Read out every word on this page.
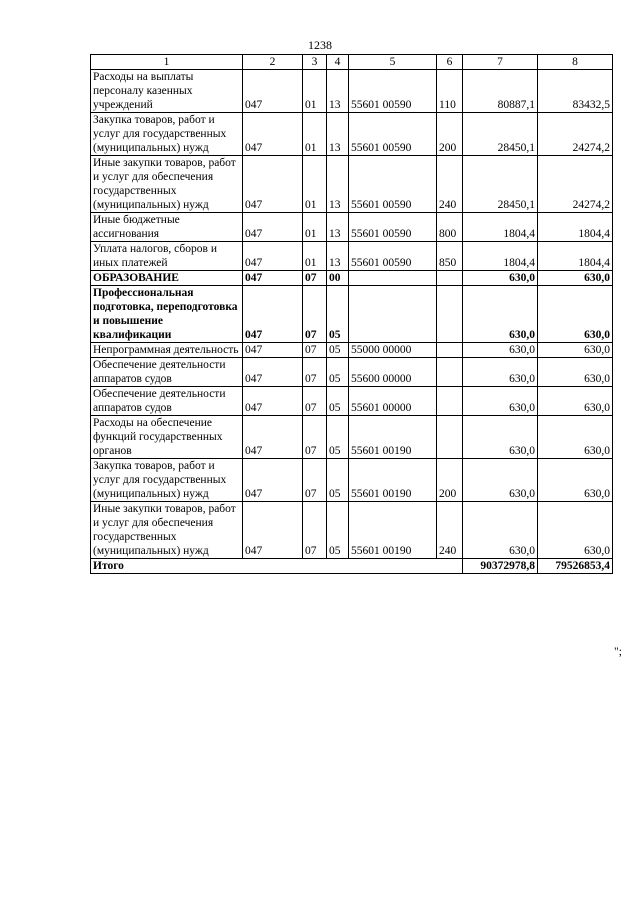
1238
1	2	3	4	5	6	7	8
Расходы на выплаты персоналу казенных учреждений	047	01	13	55601 00590	110	80887,1	83432,5
Закупка товаров, работ и услуг для государственных (муниципальных) нужд	047	01	13	55601 00590	200	28450,1	24274,2
Иные закупки товаров, работ и услуг для обеспечения государственных (муниципальных) нужд	047	01	13	55601 00590	240	28450,1	24274,2
Иные бюджетные ассигнования	047	01	13	55601 00590	800	1804,4	1804,4
Уплата налогов, сборов и иных платежей	047	01	13	55601 00590	850	1804,4	1804,4
ОБРАЗОВАНИЕ	047	07	00			630,0	630,0
Профессиональная подготовка, переподготовка и повышение квалификации	047	07	05			630,0	630,0
Непрограммная деятельность	047	07	05	55000 00000		630,0	630,0
Обеспечение деятельности аппаратов судов	047	07	05	55600 00000		630,0	630,0
Обеспечение деятельности аппаратов судов	047	07	05	55601 00000		630,0	630,0
Расходы на обеспечение функций государственных органов	047	07	05	55601 00190		630,0	630,0
Закупка товаров, работ и услуг для государственных (муниципальных) нужд	047	07	05	55601 00190	200	630,0	630,0
Иные закупки товаров, работ и услуг для обеспечения государственных (муниципальных) нужд	047	07	05	55601 00190	240	630,0	630,0
Итого						90372978,8	79526853,4
";
